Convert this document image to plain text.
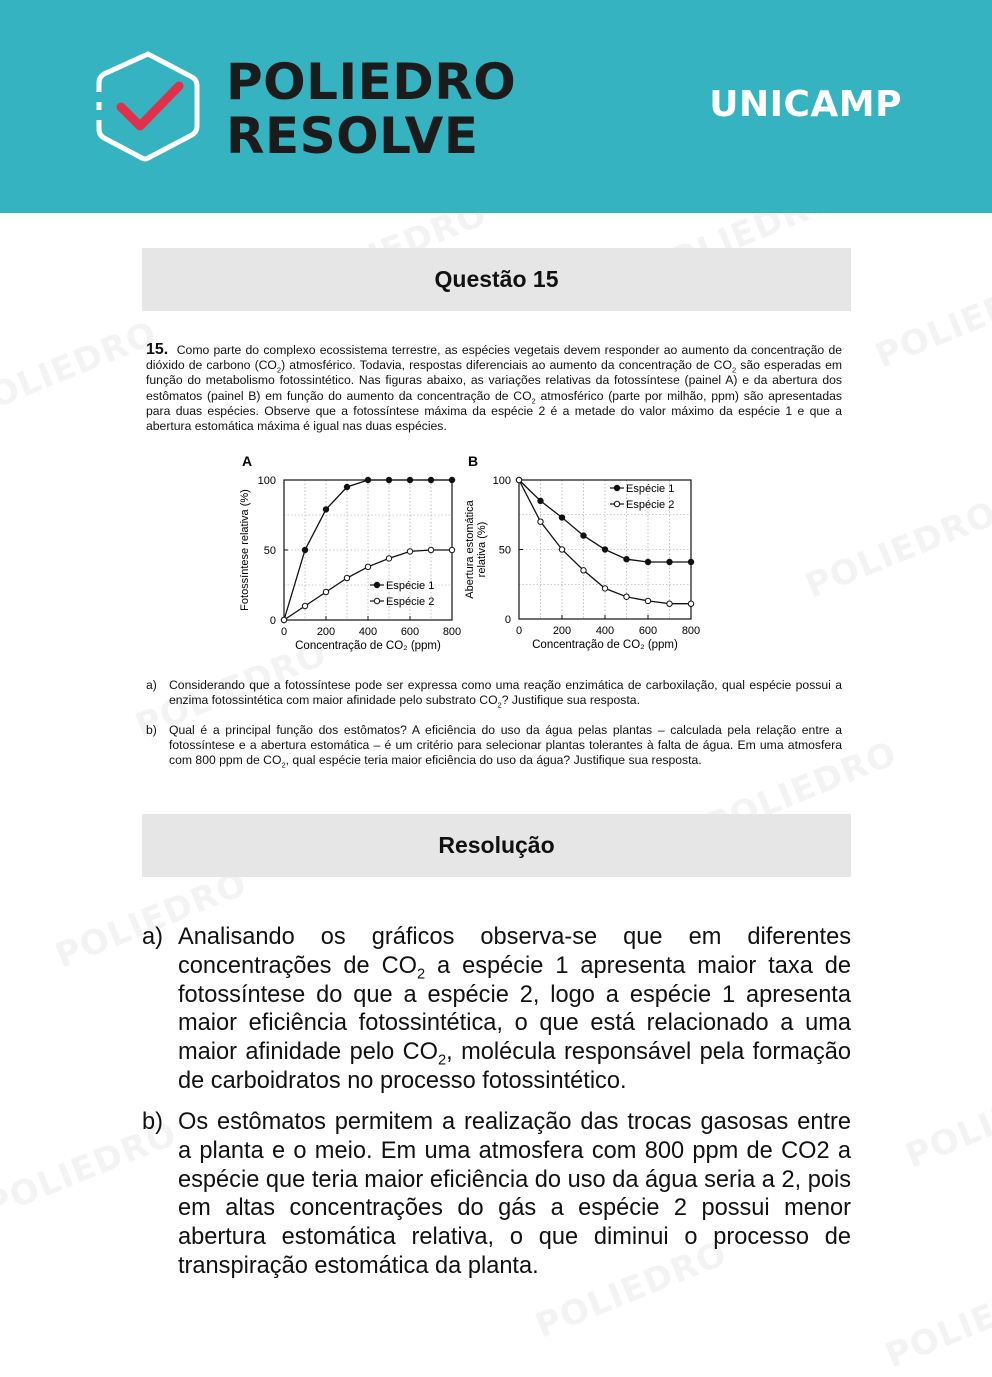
POLIEDRO
RESOLVE
UNICAMP
Questão 15
15. Como parte do complexo ecossistema terrestre, as espécies vegetais devem responder ao aumento da concentração de dióxido de carbono $(CO_2)$ atmosférico. Todavia, respostas diferenciais ao aumento da concentração de $CO_2$ são esperadas em função do metabolismo fotossintético. Nas figuras abaixo, as variações relativas da fotossíntese (painel A) e da abertura dos estômatos (painel B) em função do aumento da concentração de $CO_2$ atmosférico (parte por milhão, ppm) são apresentadas para duas espécies. Observe que a fotossíntese máxima da espécie 2 é a metade do valor máximo da espécie 1 e que a abertura estomática máxima é igual nas duas espécies.
A
0	200 400 600 800
0
50
100
Concentração de CO₂ (ppm)
Fotossíntese relativa (%)	Espécie 1
Espécie 2
B
0	200 400 600 800
0
50
100
Concentração de CO₂ (ppm)
Abertura estomática relativa (%)
Espécie 1
Espécie 2
a) Considerando que a fotossíntese pode ser expressa como uma reação enzimática de carboxilação, qual espécie possui a enzima fotossintética com maior afinidade pelo substrato $CO_2$? Justifique sua resposta.
b) Qual é a principal função dos estômatos? A eficiência do uso da água pelas plantas – calculada pela relação entre a fotossíntese e a abertura estomática – é um critério para selecionar plantas tolerantes à falta de água. Em uma atmosfera com 800 ppm de $CO_2$, qual espécie teria maior eficiência do uso da água? Justifique sua resposta.
Resolução
a) Analisando os gráficos observa-se que em diferentes concentrações de $CO_2$ a espécie 1 apresenta maior taxa de fotossíntese do que a espécie 2, logo a espécie 1 apresenta maior eficiência fotossintética, o que está relacionado a uma maior afinidade pelo $CO_2$, molécula responsável pela formação de carboidratos no processo fotossintético.
b) Os estômatos permitem a realização das trocas gasosas entre a planta e o meio. Em uma atmosfera com 800 ppm de CO2 a espécie que teria maior eficiência do uso da água seria a 2, pois em altas concentrações do gás a espécie 2 possui menor abertura estomática relativa, o que diminui o processo de transpiração estomática da planta.
